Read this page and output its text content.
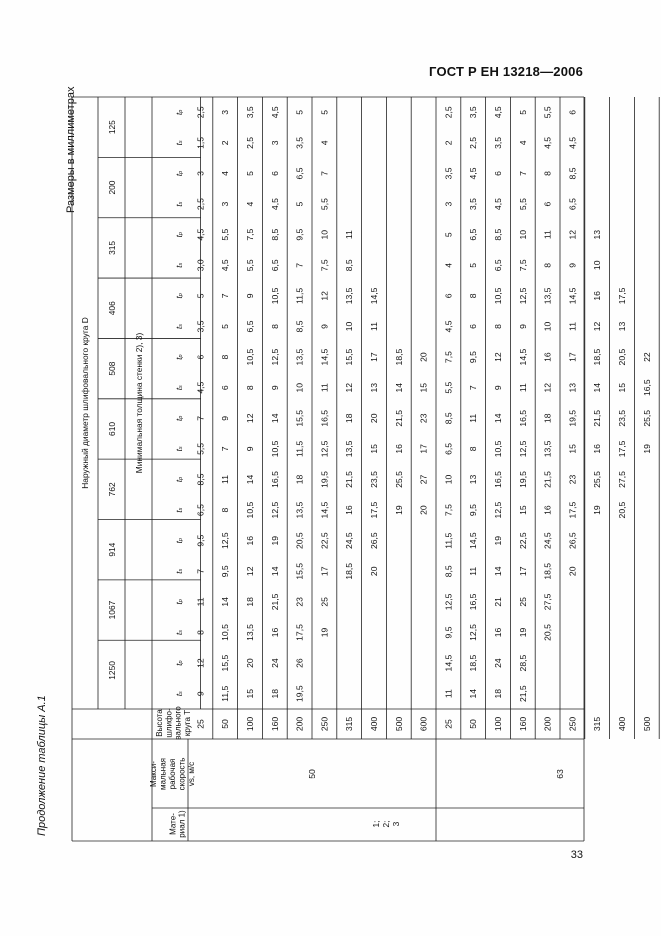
ГОСТ Р ЕН 13218—2006
Продолжение таблицы А.1
Размеры в миллиметрах
Наружный диаметр шлифовального круга D	Минимальная толщина стенки 2), 3)
125
200
315
406
508
610
762
914
1067
1250
$t_p$
$t_s$
$t_p$
$t_s$
$t_p$
$t_s$
$t_p$
$t_s$
$t_p$
$t_s$
$t_p$
$t_s$
$t_p$
$t_s$
$t_p$
$t_s$
$t_p$
$t_s$
$t_p$
$t_s$
Макси-мальнаярабочаяскоростьvs, м/с
Высоташлифо-вальногокруга T
Мате-риал 1)	1;2;3
50
25
2,5
1,5
3
2,5
4,5
3,0
5
3,5
6
4,5
7
5,5
8,5
6,5
9,5
7
11
8
12
9
50
3
2
4
3
5,5
4,5
7
5
8
6
9
7
11
8
12,5
9,5
14
10,5
15,5
11,5
100
3,5
2,5
5
4
7,5
5,5
9
6,5
10,5
8
12
9
14
10,5
16
12
18
13,5
20
15
160
4,5
3
6
4,5
8,5
6,5
10,5
8
12,5
9
14
10,5
16,5
12,5
19
14
21,5
16
24
18
200
5
3,5
6,5
5
9,5
7
11,5
8,5
13,5
10
15,5
11,5
18
13,5
20,5
15,5
23
17,5
26
19,5
250
5
4
7
5,5
10
7,5
12
9
14,5
11
16,5
12,5
19,5
14,5
22,5
17
25
19
315
11
8,5
13,5
10
15,5
12
18
13,5
21,5
16
24,5
18,5
400
14,5
11
17
13
20
15
23,5
17,5
26,5
20
500
18,5
14
21,5
16
25,5
19
600
20
15
23
17
27
20
63
25
2,5
2
3,5
3
5
4
6
4,5
7,5
5,5
8,5
6,5
10
7,5
11,5
8,5
12,5
9,5
14,5
11
50
3,5
2,5
4,5
3,5
6,5
5
8
6
9,5
7
11
8
13
9,5
14,5
11
16,5
12,5
18,5
14
100
4,5
3,5
6
4,5
8,5
6,5
10,5
8
12
9
14
10,5
16,5
12,5
19
14
21
16
24
18
160
5
4
7
5,5
10
7,5
12,5
9
14,5
11
16,5
12,5
19,5
15
22,5
17
25
19
28,5
21,5
200
5,5
4,5
8
6
11
8
13,5
10
16
12
18
13,5
21,5
16
24,5
18,5
27,5
20,5
250
6
4,5
8,5
6,5
12
9
14,5
11
17
13
19,5
15
23
17,5
26,5
20
315
13
10
16
12
18,5
14
21,5
16
25,5
19
400
17,5
13
20,5
15
23,5
17,5
27,5
20,5
500
22
16,5
25,5
19
33
